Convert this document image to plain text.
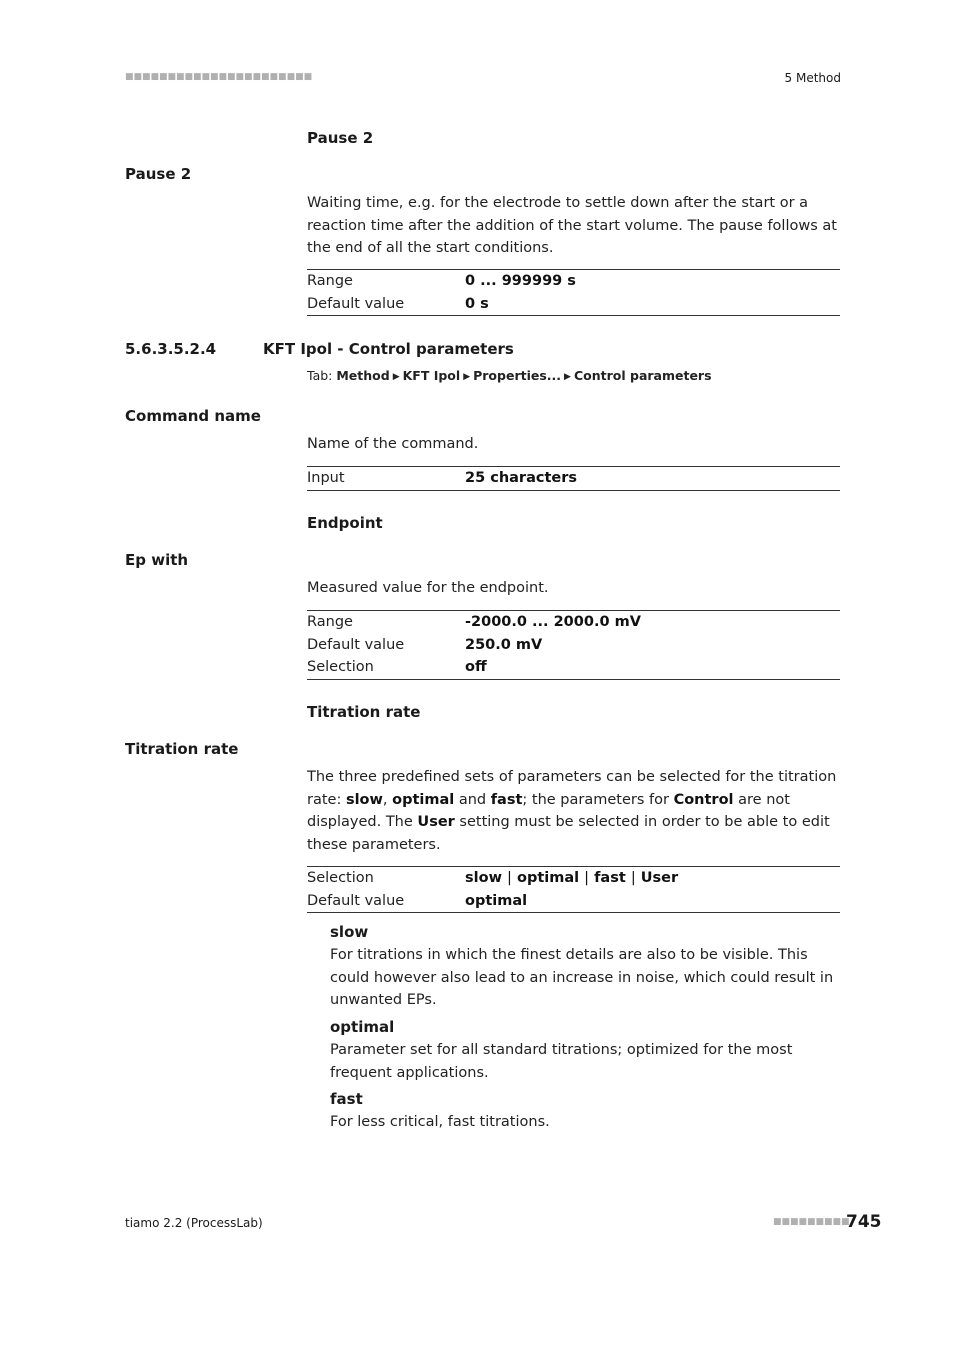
■■■■■■■■■■■■■■■■■■■■■■	5 Method
Pause 2
Pause 2
Waiting time, e.g. for the electrode to settle down after the start or a reaction time after the addition of the start volume. The pause follows at the end of all the start conditions.
Range	0 ... 999999 s
Default value	0 s
5.6.3.5.2.4	KFT Ipol - Control parameters
Tab: Method ▶ KFT Ipol ▶ Properties... ▶ Control parameters
Command name
Name of the command.
Input	25 characters
Endpoint
Ep with
Measured value for the endpoint.
Range	-2000.0 ... 2000.0 mV
Default value	250.0 mV
Selection	off
Titration rate
Titration rate
The three predefined sets of parameters can be selected for the titration rate: slow, optimal and fast; the parameters for Control are not displayed. The User setting must be selected in order to be able to edit these parameters.
Selection	slow | optimal | fast | User
Default value	optimal
slow
For titrations in which the finest details are also to be visible. This could however also lead to an increase in noise, which could result in unwanted EPs.
optimal
Parameter set for all standard titrations; optimized for the most frequent applications.
fast
For less critical, fast titrations.
tiamo 2.2 (ProcessLab)	■■■■■■■■■
745
